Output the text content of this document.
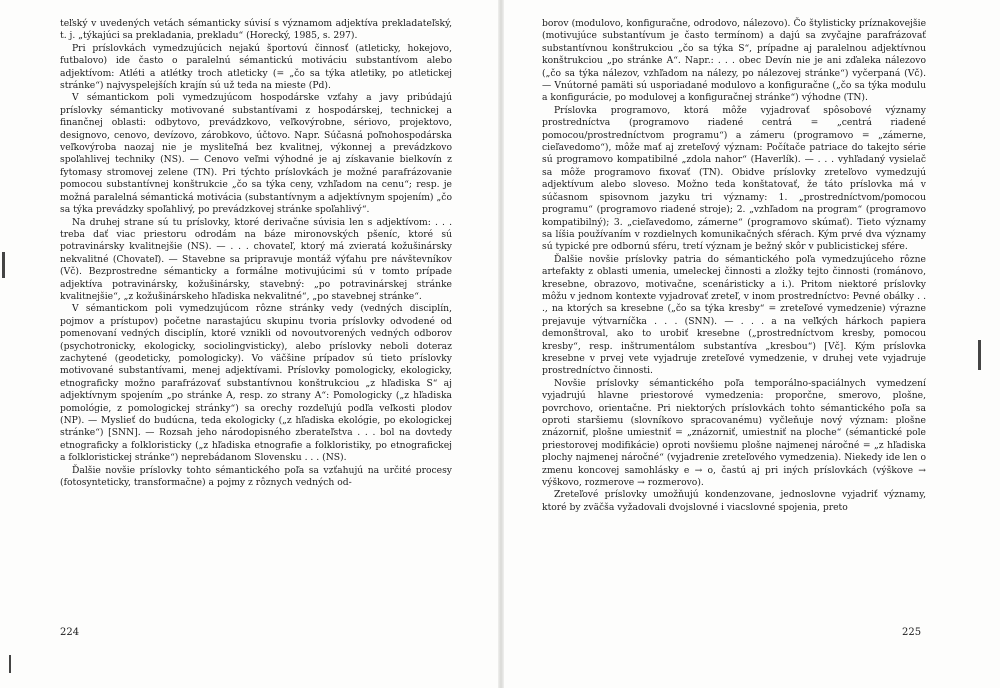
teľský v uvedených vetách sémanticky súvisí s významom adjektíva prekladateľský, t. j. „týkajúci sa prekladania, prekladu“ (Horecký, 1985, s. 297).

Pri príslovkách vymedzujúcich nejakú športovú činnosť (atleticky, hokejovo, futbalovo) ide často o paralelnú sémantickú motiváciu substantívom alebo adjektívom: Atléti a atlétky troch atleticky (= „čo sa týka atletiky, po atletickej stránke“) najvyspelejších krajín sú už teda na mieste (Pd).

V sémantickom poli vymedzujúcom hospodárske vzťahy a javy pribúdajú príslovky sémanticky motivované substantívami z hospodárskej, technickej a finančnej oblasti: odbytovo, prevádzkovo, veľkovýrobne, sériovo, projektovo, designovo, cenovo, devízovo, zárobkovo, účtovo. Napr. Súčasná poľnohospodárska veľkovýroba naozaj nie je mysliteľná bez kvalitnej, výkonnej a prevádzkovo spoľahlivej techniky (NS). — Cenovo veľmi výhodné je aj získavanie bielkovín z fytomasy stromovej zelene (TN). Pri týchto príslovkách je možné parafrázovanie pomocou substantívnej konštrukcie „čo sa týka ceny, vzhľadom na cenu“; resp. je možná paralelná sémantická motivácia (substantívnym a adjektívnym spojením) „čo sa týka prevádzky spoľahlivý, po prevádzkovej stránke spoľahlivý“.

Na druhej strane sú tu príslovky, ktoré derivačne súvisia len s adjektívom: . . . treba dať viac priestoru odrodám na báze mironovských pšeníc, ktoré sú potravinársky kvalitnejšie (NS). — . . . chovateľ, ktorý má zvieratá kožušinársky nekvalitné (Chovateľ). — Stavebne sa pripravuje montáž výťahu pre návštevníkov (Vč). Bezprostredne sémanticky a formálne motivujúcimi sú v tomto prípade adjektíva potravinársky, kožušinársky, stavebný: „po potravinárskej stránke kvalitnejšie“, „z kožušinárskeho hľadiska nekvalitné“, „po stavebnej stránke“.

V sémantickom poli vymedzujúcom rôzne stránky vedy (vedných disciplín, pojmov a prístupov) početne narastajúcu skupinu tvoria príslovky odvodené od pomenovaní vedných disciplín, ktoré vznikli od novoutvorených vedných odborov (psychotronicky, ekologicky, sociolingvisticky), alebo príslovky neboli doteraz zachytené (geodeticky, pomologicky). Vo väčšine prípadov sú tieto príslovky motivované substantívami, menej adjektívami. Príslovky pomologicky, ekologicky, etnograficky možno parafrázovať substantívnou konštrukciou „z hľadiska S“ aj adjektívnym spojením „po stránke A, resp. zo strany A“: Pomologicky („z hľadiska pomológie, z pomologickej stránky“) sa orechy rozdeľujú podľa veľkosti plodov (NP). — Myslieť do budúcna, teda ekologicky („z hľadiska ekológie, po ekologickej stránke“) [SNN]. — Rozsah jeho národopisného zberateľstva . . . bol na dovtedy etnograficky a folkloristicky („z hľadiska etnografie a folkloristiky, po etnografickej a folkloristickej stránke“) neprebádanom Slovensku . . . (NS).

Ďalšie novšie príslovky tohto sémantického poľa sa vzťahujú na určité procesy (fotosynteticky, transformačne) a pojmy z rôznych vedných od-

224

borov (modulovo, konfiguračne, odrodovo, nálezovo). Čo štylisticky príznakovejšie (motivujúce substantívum je často termínom) a dajú sa zvyčajne parafrázovať substantívnou konštrukciou „čo sa týka S“, prípadne aj paralelnou adjektívnou konštrukciou „po stránke A“. Napr.: . . . obec Devín nie je ani zďaleka nálezovo („čo sa týka nálezov, vzhľadom na nálezy, po nálezovej stránke“) vyčerpaná (Vč). — Vnútorné pamäti sú usporiadané modulovo a konfiguračne („čo sa týka modulu a konfigurácie, po modulovej a konfiguračnej stránke“) výhodne (TN).

Príslovka programovo, ktorá môže vyjadrovať spôsobové významy prostredníctva (programovo riadené centrá = „centrá riadené pomocou/prostredníctvom programu“) a zámeru (programovo = „zámerne, cieľavedomo“), môže mať aj zreteľový význam: Počítače patriace do takejto série sú programovo kompatibilné „zdola nahor“ (Haverlík). — . . . vyhľadaný vysielač sa môže programovo fixovať (TN). Obidve príslovky zreteľovo vymedzujú adjektívum alebo sloveso. Možno teda konštatovať, že táto príslovka má v súčasnom spisovnom jazyku tri významy: 1. „prostredníctvom/pomocou programu“ (programovo riadené stroje); 2. „vzhľadom na program“ (programovo kompatibilný); 3. „cieľavedomo, zámerne“ (programovo skúmať). Tieto významy sa líšia používaním v rozdielnych komunikačných sférach. Kým prvé dva významy sú typické pre odbornú sféru, tretí význam je bežný skôr v publicistickej sfére.

Ďalšie novšie príslovky patria do sémantického poľa vymedzujúceho rôzne artefakty z oblasti umenia, umeleckej činnosti a zložky tejto činnosti (románovo, kresebne, obrazovo, motivačne, scenáristicky a i.). Pritom niektoré príslovky môžu v jednom kontexte vyjadrovať zreteľ, v inom prostredníctvo: Pevné obálky . . ., na ktorých sa kresebne („čo sa týka kresby“ = zreteľové vymedzenie) výrazne prejavuje výtvarníčka . . . (SNN). — . . . a na veľkých hárkoch papiera demonštroval, ako to urobiť kresebne („prostredníctvom kresby, pomocou kresby“, resp. inštrumentálom substantíva „kresbou“) [Vč]. Kým príslovka kresebne v prvej vete vyjadruje zreteľové vymedzenie, v druhej vete vyjadruje prostredníctvo činnosti.

Novšie príslovky sémantického poľa temporálno-spaciálnych vymedzení vyjadrujú hlavne priestorové vymedzenia: proporčne, smerovo, plošne, povrchovo, orientačne. Pri niektorých príslovkách tohto sémantického poľa sa oproti staršiemu (slovníkovo spracovanému) vyčleňuje nový význam: plošne znázorniť, plošne umiestniť = „znázorniť, umiestniť na ploche“ (sémantické pole priestorovej modifikácie) oproti novšiemu plošne najmenej náročné = „z hľadiska plochy najmenej náročné“ (vyjadrenie zreteľového vymedzenia). Niekedy ide len o zmenu koncovej samohlásky e → o, častú aj pri iných príslovkách (výškove → výškovo, rozmerove → rozmerovo).

Zreteľové príslovky umožňujú kondenzovane, jednoslovne vyjadriť významy, ktoré by zväčša vyžadovali dvojslovné i viacslovné spojenia, preto

225
